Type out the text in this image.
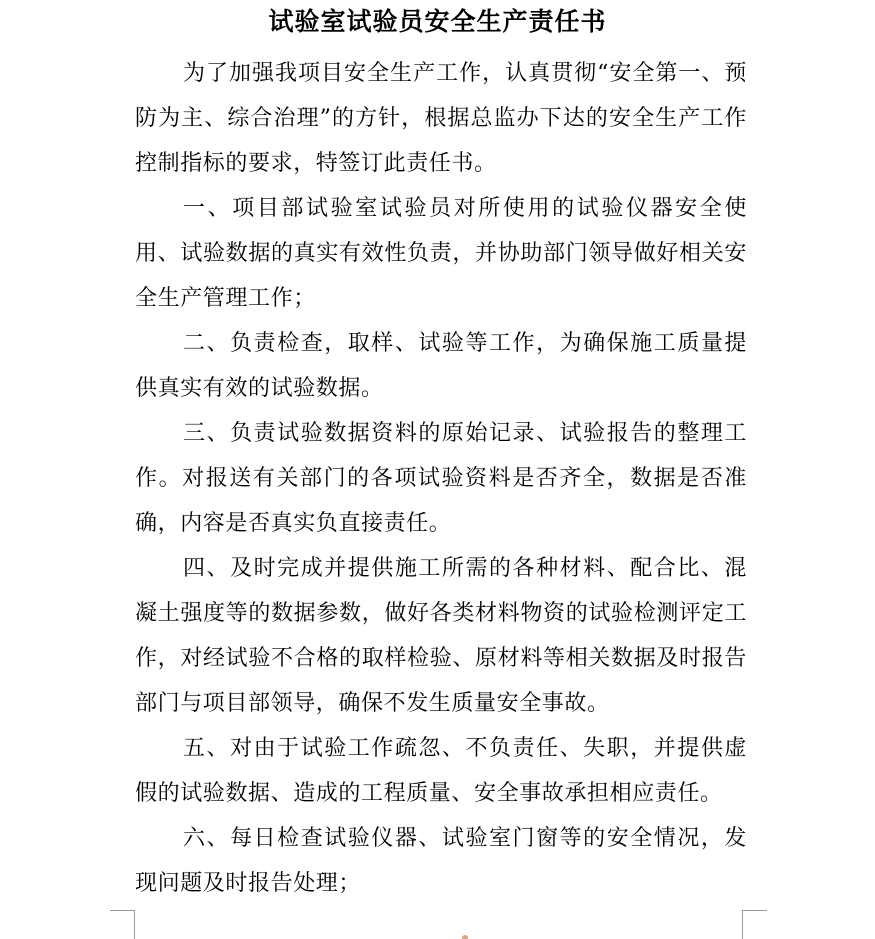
试验室试验员安全生产责任书

为了加强我项目安全生产工作，认真贯彻“安全第一、预防为主、综合治理”的方针，根据总监办下达的安全生产工作控制指标的要求，特签订此责任书。

一、项目部试验室试验员对所使用的试验仪器安全使用、试验数据的真实有效性负责，并协助部门领导做好相关安全生产管理工作；

二、负责检查，取样、试验等工作，为确保施工质量提供真实有效的试验数据。

三、负责试验数据资料的原始记录、试验报告的整理工作。对报送有关部门的各项试验资料是否齐全，数据是否准确，内容是否真实负直接责任。

四、及时完成并提供施工所需的各种材料、配合比、混凝土强度等的数据参数，做好各类材料物资的试验检测评定工作，对经试验不合格的取样检验、原材料等相关数据及时报告部门与项目部领导，确保不发生质量安全事故。

五、对由于试验工作疏忽、不负责任、失职，并提供虚假的试验数据、造成的工程质量、安全事故承担相应责任。

六、每日检查试验仪器、试验室门窗等的安全情况，发现问题及时报告处理；
